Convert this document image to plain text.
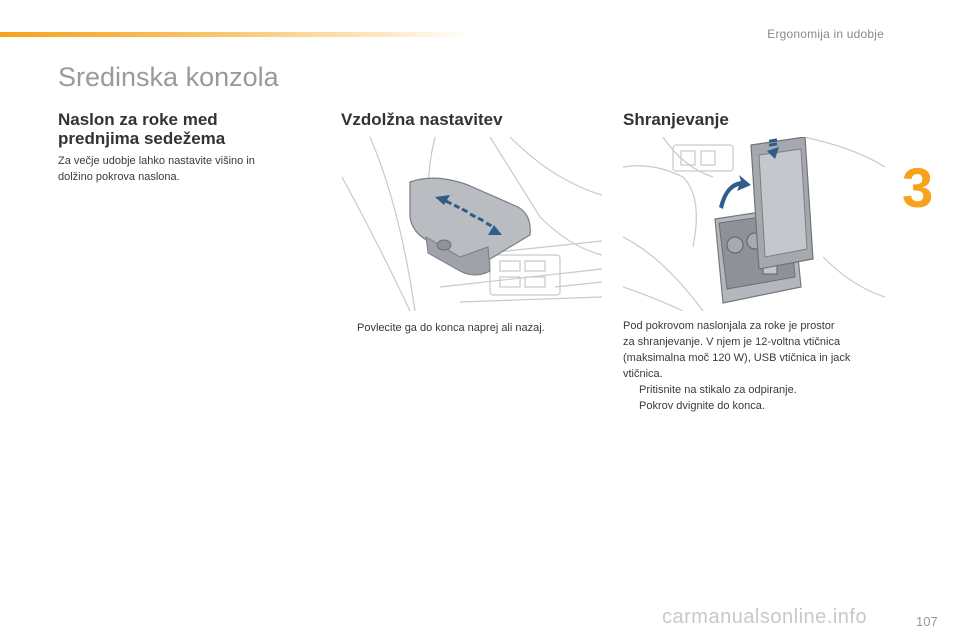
Ergonomija in udobje
3
Sredinska konzola
Naslon za roke med
prednjima sedežema
Za večje udobje lahko nastavite višino in
dolžino pokrova naslona.
Vzdolžna nastavitev
Povlecite ga do konca naprej ali nazaj.
Shranjevanje
Pod pokrovom naslonjala za roke je prostor
za shranjevanje. V njem je 12-voltna vtičnica
(maksimalna moč 120 W), USB vtičnica in jack
vtičnica.
Pritisnite na stikalo za odpiranje.
Pokrov dvignite do konca.
carmanualsonline.info	107
